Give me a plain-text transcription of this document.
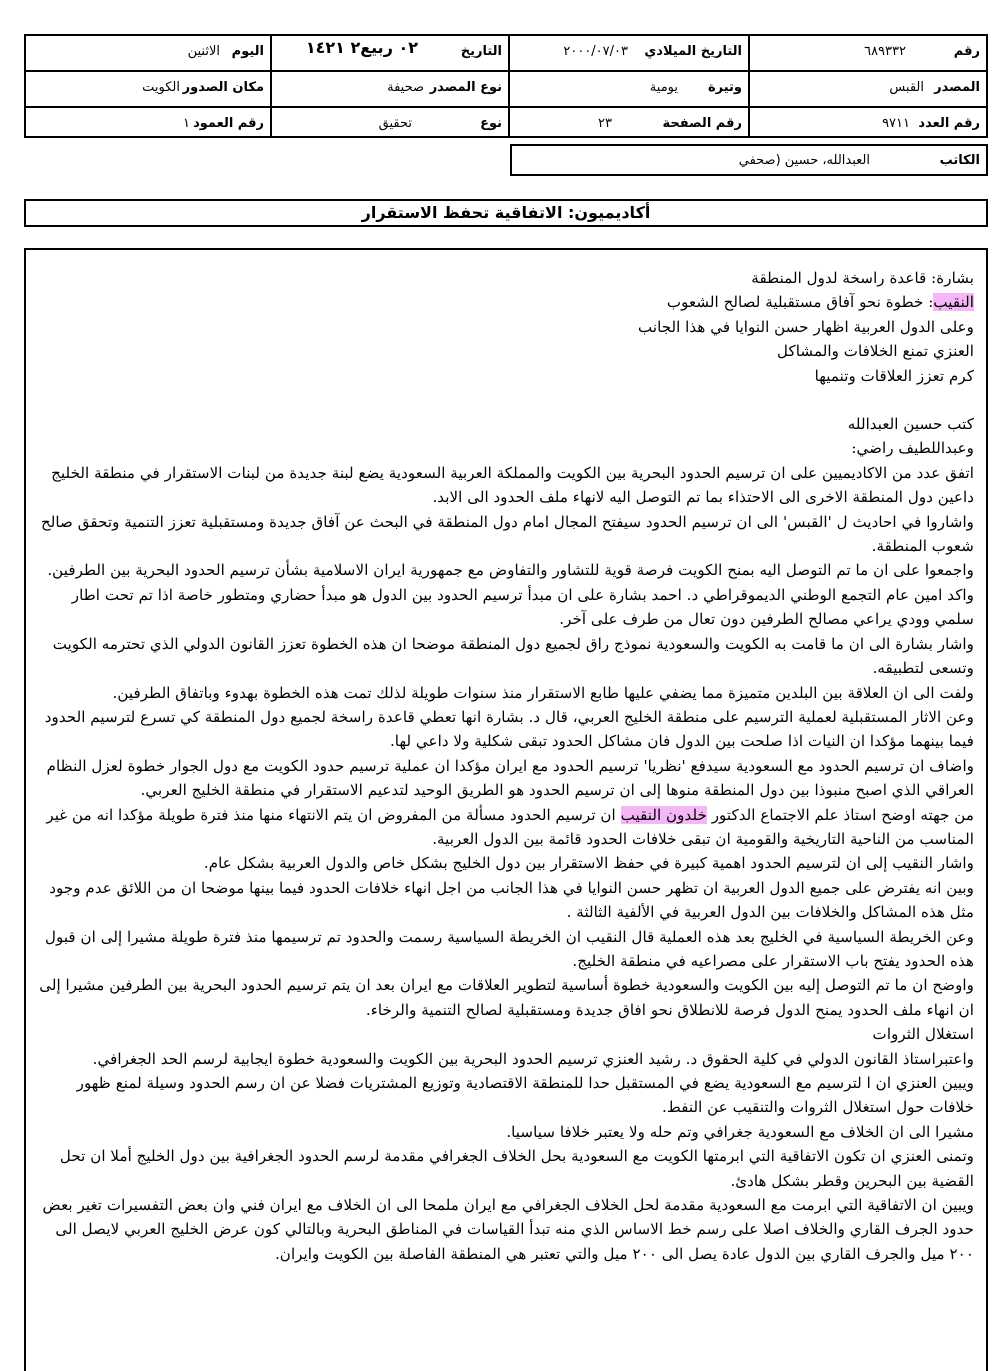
رقم
٦٨٩٣٣٢
التاريخ الميلادي
٢٠٠٠/٠٧/٠٣
التاريخ
٠٢ ربيع٢ ١٤٢١
اليوم
الاثنين
المصدر
القبس
وتيرة
يومية
نوع المصدر
صحيفة
مكان الصدور
الكويت
رقم العدد
٩٧١١
رقم الصفحة
٢٣
نوع
تحقيق
رقم العمود
١
الكاتب
العبدالله، حسين (صحفي
أكاديميون: الاتفاقية تحفظ الاستقرار

بشارة: قاعدة راسخة لدول المنطقة

النقيب: خطوة نحو آفاق مستقبلية لصالح الشعوب

وعلى الدول العربية اظهار حسن النوايا في هذا الجانب

العنزي تمنع الخلافات والمشاكل

كرم تعزز العلاقات وتنميها

كتب حسين العبدالله

وعبداللطيف راضي:

اتفق عدد من الاكاديميين على ان ترسيم الحدود البحرية بين الكويت والمملكة العربية السعودية يضع لبنة جديدة من لبنات الاستقرار في منطقة الخليج داعين دول المنطقة الاخرى الى الاحتذاء بما تم التوصل اليه لانهاء ملف الحدود الى الابد.

واشاروا في احاديث ل 'القبس' الى ان ترسيم الحدود سيفتح المجال امام دول المنطقة في البحث عن آفاق جديدة ومستقبلية تعزز التنمية وتحقق صالح شعوب المنطقة.

واجمعوا على ان ما تم التوصل اليه بمنح الكويت فرصة قوية للتشاور والتفاوض مع جمهورية ايران الاسلامية بشأن ترسيم الحدود البحرية بين الطرفين.

واكد امين عام التجمع الوطني الديموقراطي د. احمد بشارة على ان مبدأ ترسيم الحدود بين الدول هو مبدأ حضاري ومتطور خاصة اذا تم تحت اطار سلمي وودي يراعي مصالح الطرفين دون تعال من طرف على آخر.

واشار بشارة الى ان ما قامت به الكويت والسعودية نموذج راق لجميع دول المنطقة موضحا ان هذه الخطوة تعزز القانون الدولي الذي تحترمه الكويت وتسعى لتطبيقه.

ولفت الى ان العلاقة بين البلدين متميزة مما يضفي عليها طابع الاستقرار منذ سنوات طويلة لذلك تمت هذه الخطوة بهدوء وباتفاق الطرفين.

وعن الاثار المستقبلية لعملية الترسيم على منطقة الخليج العربي، قال د. بشارة انها تعطي قاعدة راسخة لجميع دول المنطقة كي تسرع لترسيم الحدود فيما بينهما مؤكدا ان النيات اذا صلحت بين الدول فان مشاكل الحدود تبقى شكلية ولا داعي لها.

واضاف ان ترسيم الحدود مع السعودية سيدفع 'نظريا' ترسيم الحدود مع ايران مؤكدا ان عملية ترسيم حدود الكويت مع دول الجوار خطوة لعزل النظام العراقي الذي اصبح منبوذا بين دول المنطقة منوها إلى ان ترسيم الحدود هو الطريق الوحيد لتدعيم الاستقرار في منطقة الخليج العربي.

من جهته اوضح استاذ علم الاجتماع الدكتور خلدون النقيب ان ترسيم الحدود مسألة من المفروض ان يتم الانتهاء منها منذ فترة طويلة مؤكدا انه من غير المناسب من الناحية التاريخية والقومية ان تبقى خلافات الحدود قائمة بين الدول العربية.

واشار النقيب إلى ان لترسيم الحدود اهمية كبيرة في حفظ الاستقرار بين دول الخليج بشكل خاص والدول العربية بشكل عام.

وبين انه يفترض على جميع الدول العربية ان تظهر حسن النوايا في هذا الجانب من اجل انهاء خلافات الحدود فيما بينها موضحا ان من اللائق عدم وجود مثل هذه المشاكل والخلافات بين الدول العربية في الألفية الثالثة .

وعن الخريطة السياسية في الخليج بعد هذه العملية قال النقيب ان الخريطة السياسية رسمت والحدود تم ترسيمها منذ فترة طويلة مشيرا إلى ان قبول هذه الحدود يفتح باب الاستقرار على مصراعيه في منطقة الخليج.

واوضح ان ما تم التوصل إليه بين الكويت والسعودية خطوة أساسية لتطوير العلاقات مع ايران بعد ان يتم ترسيم الحدود البحرية بين الطرفين مشيرا إلى ان انهاء ملف الحدود يمنح الدول فرصة للانطلاق نحو افاق جديدة ومستقبلية لصالح التنمية والرخاء.

استغلال الثروات

واعتبراستاذ القانون الدولي في كلية الحقوق د. رشيد العنزي ترسيم الحدود البحرية بين الكويت والسعودية خطوة ايجابية لرسم الحد الجغرافي.

ويبين العنزي ان ا لترسيم مع السعودية يضع في المستقبل حدا للمنطقة الاقتصادية وتوزيع المشتريات فضلا عن ان رسم الحدود وسيلة لمنع ظهور خلافات حول استغلال الثروات والتنقيب عن النفط.

مشيرا الى ان الخلاف مع السعودية جغرافي وتم حله ولا يعتبر خلافا سياسيا.

وتمنى العنزي ان تكون الاتفاقية التي ابرمتها الكويت مع السعودية بحل الخلاف الجغرافي مقدمة لرسم الحدود الجغرافية بين دول الخليج أملا ان تحل القضية بين البحرين وقطر بشكل هادئ.

ويبين ان الاتفاقية التي ابرمت مع السعودية مقدمة لحل الخلاف الجغرافي مع ايران ملمحا الى ان الخلاف مع ايران فني وان بعض التفسيرات تغير بعض حدود الجرف القاري والخلاف اصلا على رسم خط الاساس الذي منه تبدأ القياسات في المناطق البحرية وبالتالي كون عرض الخليج العربي لايصل الى ٢٠٠ ميل والجرف القاري بين الدول عادة يصل الى ٢٠٠ ميل والتي تعتبر هي المنطقة الفاصلة بين الكويت وايران.
